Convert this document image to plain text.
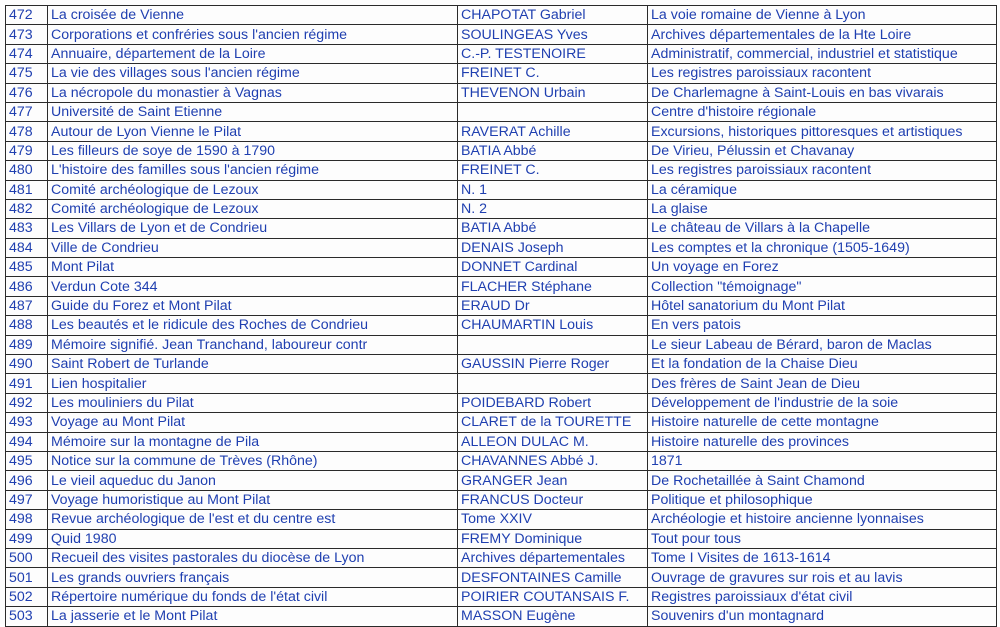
472	La croisée de Vienne	CHAPOTAT Gabriel	La voie romaine de Vienne à Lyon
473	Corporations et confréries sous l'ancien régime	SOULINGEAS Yves	Archives départementales de la Hte Loire
474	Annuaire, département de la Loire	C.-P. TESTENOIRE	Administratif, commercial, industriel et statistique
475	La vie des villages sous l'ancien régime	FREINET C.	Les registres paroissiaux racontent
476	La nécropole du monastier à Vagnas	THEVENON Urbain	De Charlemagne à Saint-Louis en bas vivarais
477	Université de Saint Etienne		Centre d'histoire régionale
478	Autour de Lyon Vienne le Pilat	RAVERAT Achille	Excursions, historiques pittoresques et artistiques
479	Les filleurs de soye de 1590 à 1790	BATIA Abbé	De Virieu, Pélussin et Chavanay
480	L'histoire des familles sous l'ancien régime	FREINET C.	Les registres paroissiaux racontent
481	Comité archéologique de Lezoux	N. 1	La céramique
482	Comité archéologique de Lezoux	N. 2	La glaise
483	Les Villars de Lyon et de Condrieu	BATIA Abbé	Le château de Villars à la Chapelle
484	Ville de Condrieu	DENAIS Joseph	Les comptes et la chronique (1505-1649)
485	Mont Pilat	DONNET Cardinal	Un voyage en Forez
486	Verdun Cote 344	FLACHER Stéphane	Collection "témoignage"
487	Guide du Forez et Mont Pilat	ERAUD Dr	Hôtel sanatorium du Mont Pilat
488	Les beautés et le ridicule des Roches de Condrieu	CHAUMARTIN Louis	En vers patois
489	Mémoire signifié. Jean Tranchand, laboureur contr		Le sieur Labeau de Bérard, baron de Maclas
490	Saint Robert de Turlande	GAUSSIN Pierre Roger	Et la fondation de la Chaise Dieu
491	Lien hospitalier		Des frères de Saint Jean de Dieu
492	Les mouliniers du Pilat	POIDEBARD Robert	Développement de l'industrie de la soie
493	Voyage au Mont Pilat	CLARET de la TOURETTE	Histoire naturelle de cette montagne
494	Mémoire sur la montagne de Pila	ALLEON DULAC M.	Histoire naturelle des provinces
495	Notice sur la commune de Trèves (Rhône)	CHAVANNES Abbé J.	1871
496	Le vieil aqueduc du Janon	GRANGER Jean	De Rochetaillée à Saint Chamond
497	Voyage humoristique au Mont Pilat	FRANCUS Docteur	Politique et philosophique
498	Revue archéologique de l'est et du centre est	Tome XXIV	Archéologie et histoire ancienne lyonnaises
499	Quid 1980	FREMY Dominique	Tout pour tous
500	Recueil des visites pastorales du diocèse de Lyon	Archives départementales	Tome I Visites de 1613-1614
501	Les grands ouvriers français	DESFONTAINES Camille	Ouvrage de gravures sur rois et au lavis
502	Répertoire numérique du fonds de l'état civil	POIRIER COUTANSAIS F.	Registres paroissiaux d'état civil
503	La jasserie et le Mont Pilat	MASSON Eugène	Souvenirs d'un montagnard
